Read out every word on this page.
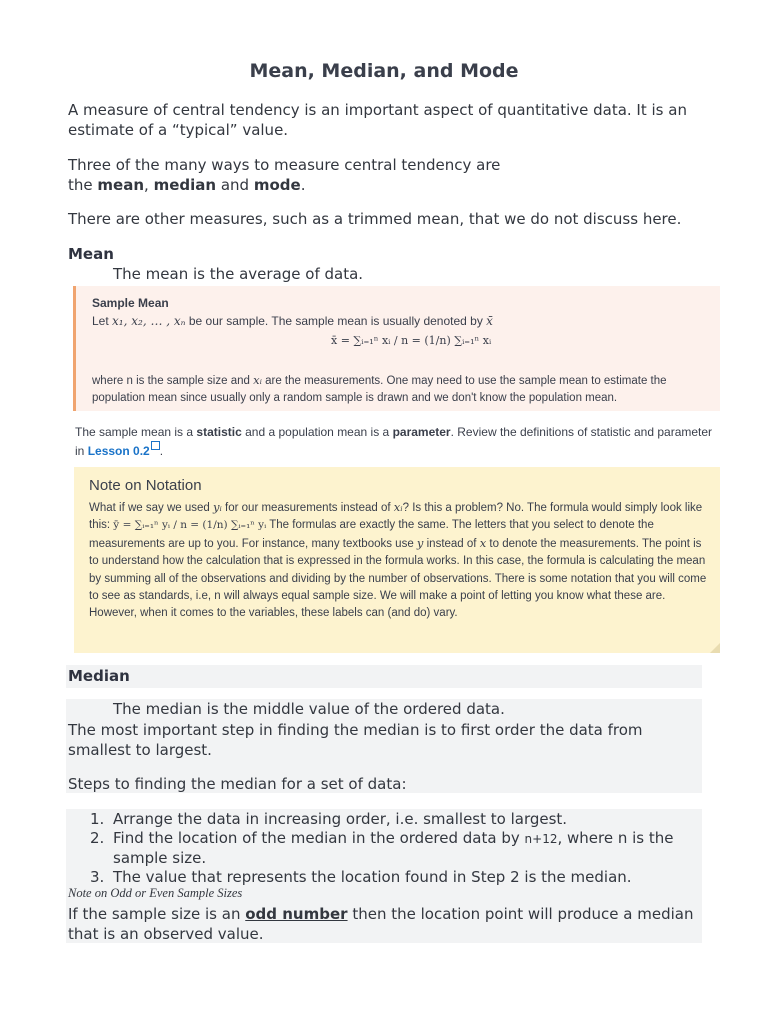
Mean, Median, and Mode
A measure of central tendency is an important aspect of quantitative data. It is an estimate of a “typical” value.
Three of the many ways to measure central tendency are
the mean, median and mode.
There are other measures, such as a trimmed mean, that we do not discuss here.
Mean
The mean is the average of data.
Sample Mean
Let x₁, x₂, … , xₙ be our sample. The sample mean is usually denoted by x̄
x̄ = ∑ᵢ₌₁ⁿ xᵢ / n = (1/n) ∑ᵢ₌₁ⁿ xᵢ
where n is the sample size and xᵢ are the measurements. One may need to use the sample mean to estimate the population mean since usually only a random sample is drawn and we don't know the population mean.
The sample mean is a statistic and a population mean is a parameter. Review the definitions of statistic and parameter in Lesson 0.2 .
Note on Notation
What if we say we used yᵢ for our measurements instead of xᵢ? Is this a problem? No. The formula would simply look like this: ȳ = ∑ᵢ₌₁ⁿ yᵢ / n = (1/n) ∑ᵢ₌₁ⁿ yᵢ The formulas are exactly the same. The letters that you select to denote the measurements are up to you. For instance, many textbooks use y instead of x to denote the measurements. The point is to understand how the calculation that is expressed in the formula works. In this case, the formula is calculating the mean by summing all of the observations and dividing by the number of observations. There is some notation that you will come to see as standards, i.e, n will always equal sample size. We will make a point of letting you know what these are. However, when it comes to the variables, these labels can (and do) vary.
Median
The median is the middle value of the ordered data.
The most important step in finding the median is to first order the data from smallest to largest.
Steps to finding the median for a set of data:
1. Arrange the data in increasing order, i.e. smallest to largest.
2. Find the location of the median in the ordered data by n+12, where n is the sample size.
3. The value that represents the location found in Step 2 is the median.
Note on Odd or Even Sample Sizes
If the sample size is an odd number then the location point will produce a median that is an observed value.
